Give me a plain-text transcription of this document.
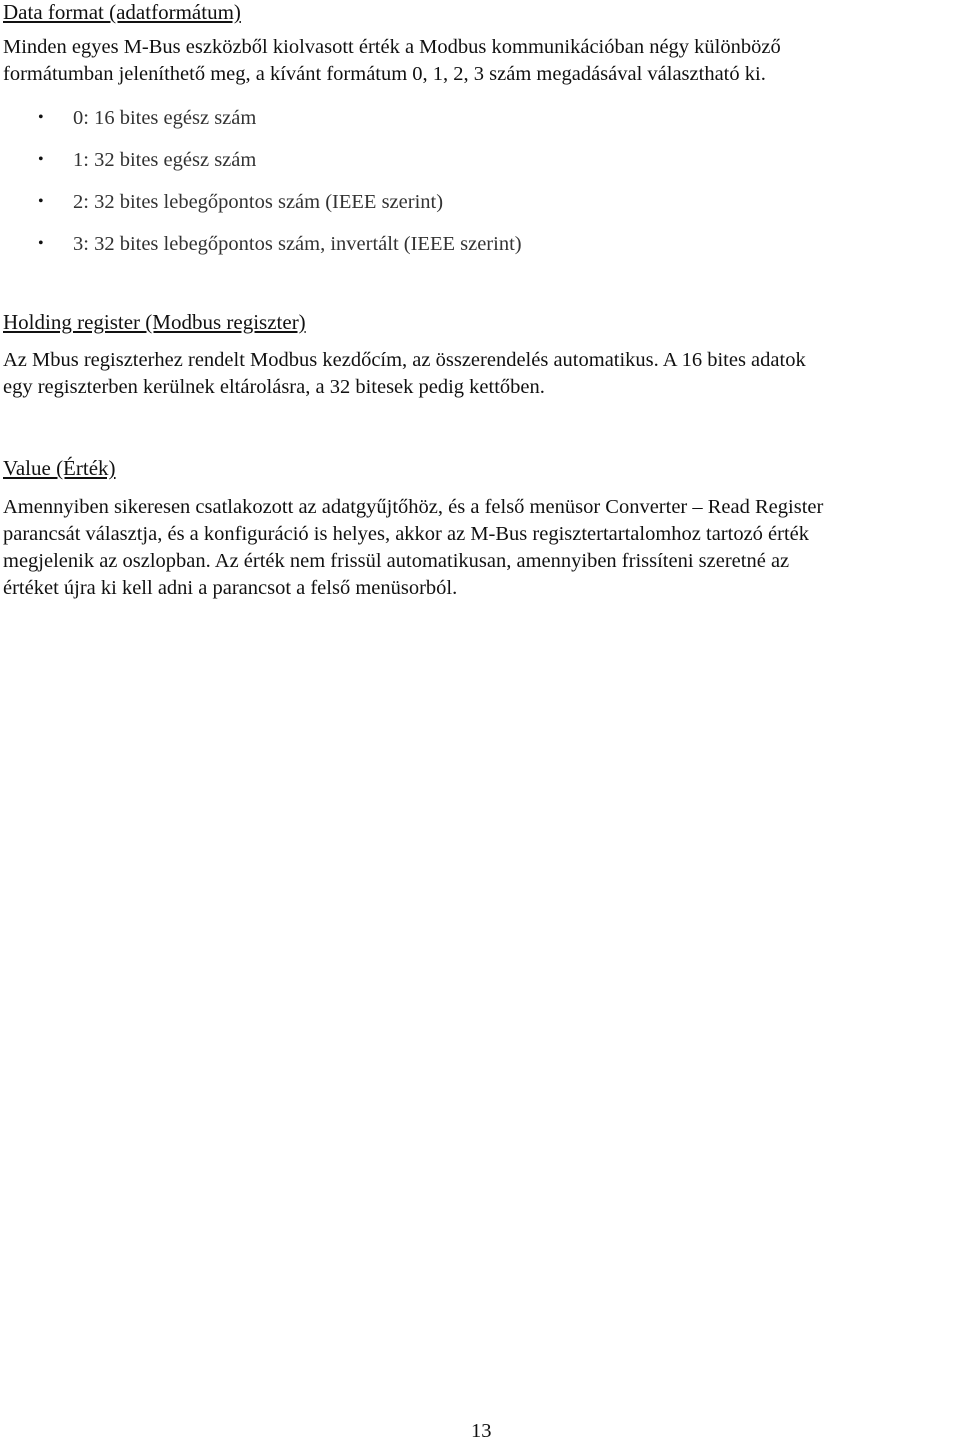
Data format (adatformátum)

Minden egyes M-Bus eszközből kiolvasott érték a Modbus kommunikációban négy különböző
formátumban jeleníthető meg, a kívánt formátum 0, 1, 2, 3 szám megadásával választható ki.

• 0: 16 bites egész szám
• 1: 32 bites egész szám
• 2: 32 bites lebegőpontos szám (IEEE szerint)
• 3: 32 bites lebegőpontos szám, invertált (IEEE szerint)
Holding register (Modbus regiszter)

Az Mbus regiszterhez rendelt Modbus kezdőcím, az összerendelés automatikus. A 16 bites adatok
egy regiszterben kerülnek eltárolásra, a 32 bitesek pedig kettőben.

Value (Érték)

Amennyiben sikeresen csatlakozott az adatgyűjtőhöz, és a felső menüsor Converter – Read Register
parancsát választja, és a konfiguráció is helyes, akkor az M-Bus regisztertartalomhoz tartozó érték
megjelenik az oszlopban. Az érték nem frissül automatikusan, amennyiben frissíteni szeretné az
értéket újra ki kell adni a parancsot a felső menüsorból.

13
